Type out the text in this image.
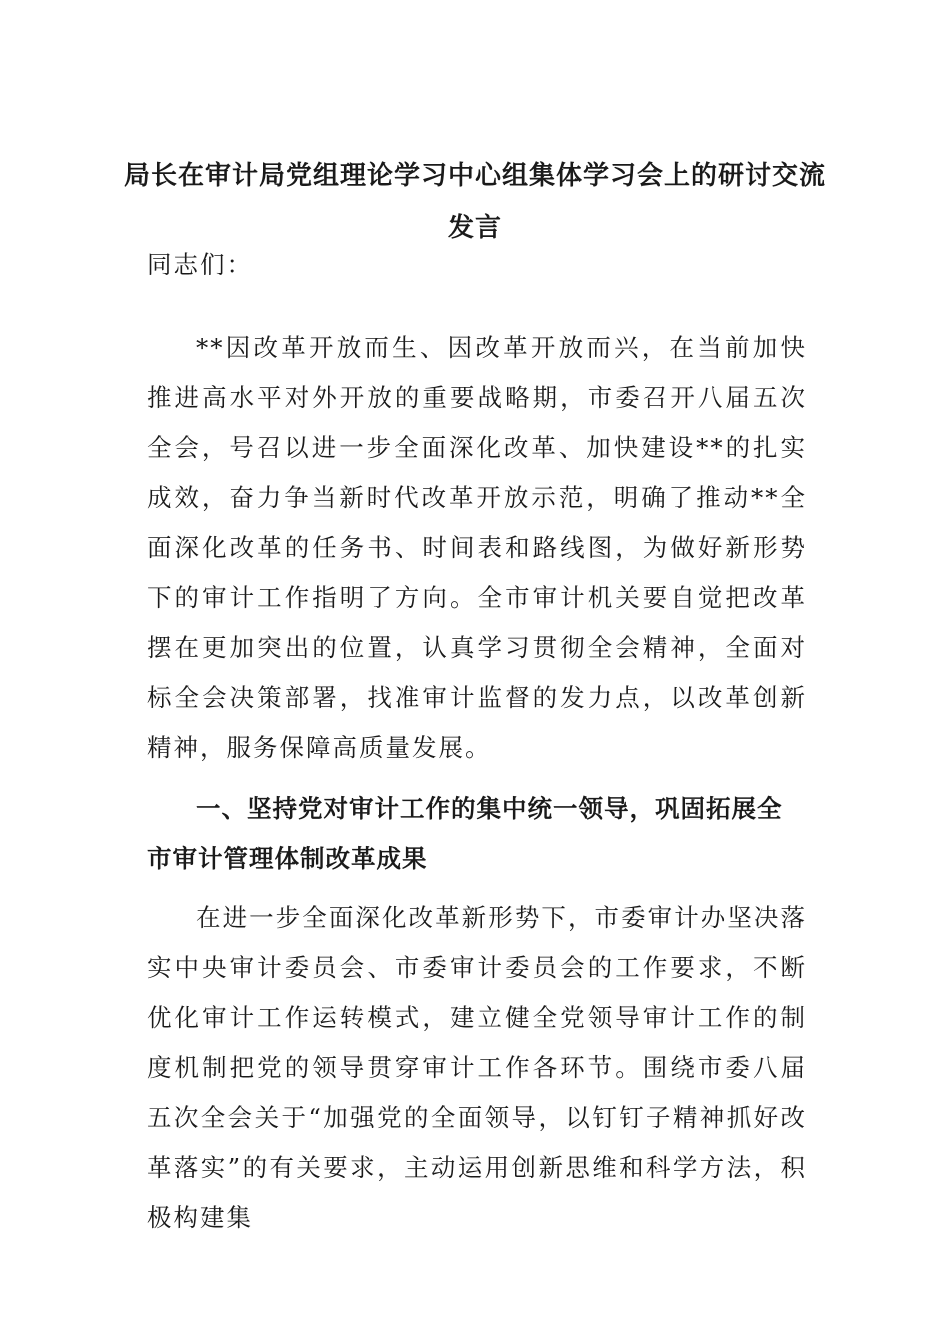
局长在审计局党组理论学习中心组集体学习会上的研讨交流发言

同志们：

**因改革开放而生、因改革开放而兴，在当前加快推进高水平对外开放的重要战略期，市委召开八届五次全会，号召以进一步全面深化改革、加快建设**的扎实成效，奋力争当新时代改革开放示范，明确了推动**全面深化改革的任务书、时间表和路线图，为做好新形势下的审计工作指明了方向。全市审计机关要自觉把改革摆在更加突出的位置，认真学习贯彻全会精神，全面对标全会决策部署，找准审计监督的发力点，以改革创新精神，服务保障高质量发展。

一、坚持党对审计工作的集中统一领导，巩固拓展全市审计管理体制改革成果

在进一步全面深化改革新形势下，市委审计办坚决落实中央审计委员会、市委审计委员会的工作要求，不断优化审计工作运转模式，建立健全党领导审计工作的制度机制把党的领导贯穿审计工作各环节。围绕市委八届五次全会关于“加强党的全面领导，以钉钉子精神抓好改革落实”的有关要求，主动运用创新思维和科学方法，积极构建集
